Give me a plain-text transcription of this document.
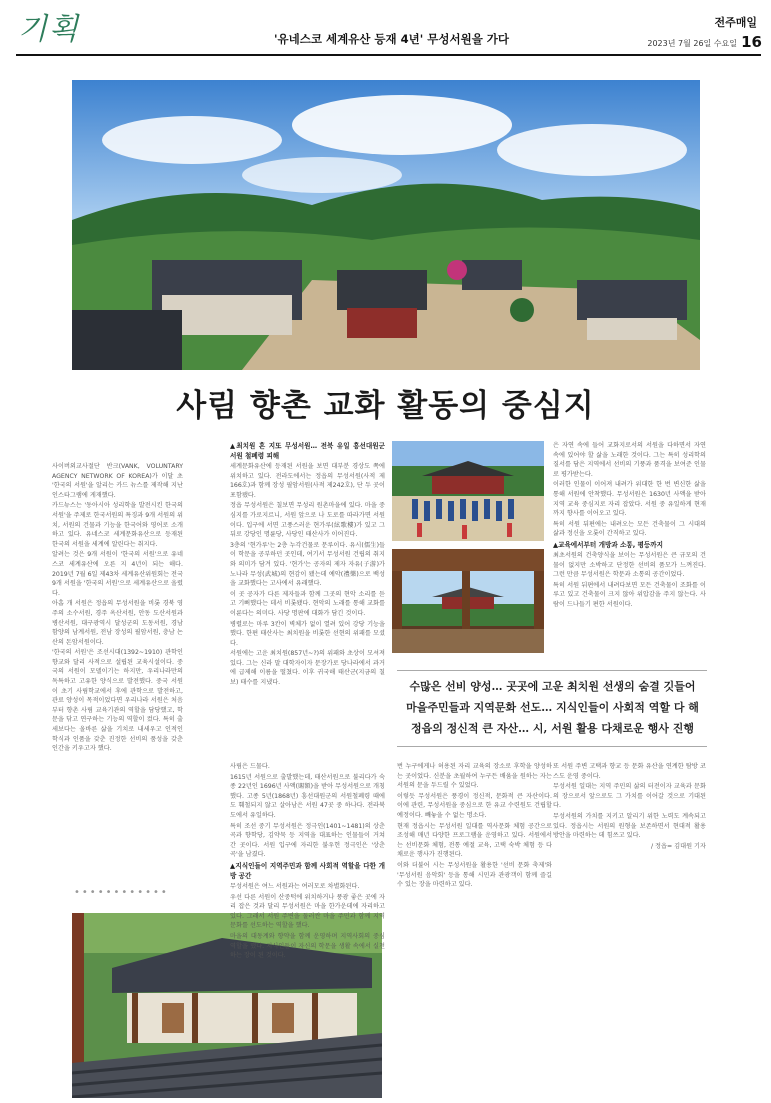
기획	'유네스코 세계유산 등재 4년' 무성서원을 가다
전주매일
2023년 7월 26일 수요일 16
사림 향촌 교화 활동의 중심지

사이버외교사절단 반크(VANK, VOLUNTARY AGENCY NETWORK OF KOREA)가 이달 초 '한국의 서원'을 알리는 카드 뉴스를 제작해 지난 인스타그램에 게재했다.

카드뉴스는 '동아시아 성리학을 발전시킨 한국의 서원'을 주제로 한국서원의 특징과 9개 서원의 위치, 서원의 건물과 기능을 한국어와 영어로 소개하고 있다. 유네스코 세계문화유산으로 등재된 한국의 서원을 세계에 알린다는 취지다.

알려는 것은 9개 서원이 '한국의 서원'으로 유네스코 세계유산에 오른 지 4년이 되는 해다. 2019년 7월 6일 제43차 세계유산위원회는 전국 9개 서원을 '한국의 서원'으로 세계유산으로 올렸다.

아홉 개 서원은 정읍의 무성서원을 비롯 경북 영주의 소수서원, 경주 옥산서원, 안동 도산서원과 병산서원, 대구광역시 달성군의 도동서원, 경남 함양의 남계서원, 전남 장성의 필암서원, 충남 논산의 돈암서원이다.

'한국의 서원'은 조선시대(1392~1910) 관학인 향교와 달리 사적으로 설립된 교육시설이다. 중국의 서원이 모델이기는 하지만, 우리나라만의 독특하고 고유한 양식으로 발전했다. 중국 서원이 초기 사림학교에서 후에 관학으로 발전하고, 관료 양성이 목적이었다면 우리나라 서원은 처음부터 향촌 사림 교육기관의 역할을 담당했고, 학문을 닦고 연구하는 기능의 역할이 컸다. 특히 출세보다는 올바른 삶을 기치로 내세우고 인적인 학식과 인품을 갖춘 진정한 선비의 품성을 갖춘 인간을 키우고자 했다.

••••••••••••

▲최치원 흔 지또 무성서원… 전북 유일 흥선대원군 서원 철폐령 피해

세계문화유산에 등재된 서원을 보면 대부분 경상도 쪽에 위치하고 있다. 전라도에서는 정읍의 무성서원(사적 제166호)과 함께 장성 필암서원(사적 제242호), 단 두 곳이 포함됐다.

정읍 무성서원은 칠보면 무성리 원촌마을에 있다. 마을 중심지를 가로지르니, 서원 앞으로 나 도로를 따라가면 서원이다. 입구에 서면 고풍스러운 현가루(絃歌樓)가 있고 그 뒤로 강당인 명륜당, 사당인 태산사가 이어진다.

3층의 '현가루'는 2층 누각건물로 문루이다. 유시(儒生)들이 학문을 공부하던 곳인데, 여기서 무성서원 건립의 취지와 의미가 담겨 있다. '현가'는 공자의 제자 자유(子游)가 노나라 무성(武城)의 현감이 됐는데 예악(禮樂)으로 백성을 교화했다는 고사에서 유래했다.

이 곳 공자가 다른 제자들과 함께 그곳의 현악 소리를 듣고 기뻐했다는 데서 비롯됐다. 현악의 노래를 통해 교화를 이룬다는 의미다. 사당 명판에 대화가 담긴 것이다.

병렬로는 마루 3칸이 벽체가 없이 열려 있어 강당 기능을 했다. 한편 태산사는 최치원을 비롯한 선현의 위패를 모셨다.

서원에는 고운 최치원(857년~?)의 위패와 초상이 모셔져 있다. 그는 신라 말 대학자이자 문장가로 당나라에서 과거에 급제해 이름을 떨쳤다. 이후 귀국해 태산군(지금의 칠보) 태수를 지냈다.

은 자연 속에 들어 교화지로서의 서원을 다하면서 자연 속에 있어야 할 삶을 노래한 것이다. 그는 특히 성리학의 질서를 담은 지역에서 선비의 기풍과 품격을 보여준 인물로 평가받는다.

이러한 인물이 이어져 내려가 위대한 한 번 변신한 삶을 통해 서원에 안착했다. 무성서원은 1630년 사액을 받아 지역 교육 중심지로 자리 잡았다. 서원 중 유일하게 현재까지 향사를 이어오고 있다.

특히 서원 뒤편에는 내려오는 모든 건축물이 그 시대의 삶과 정신을 오롯이 간직하고 있다.

▲교육에서부터 개방과 소통, 평등까지

최초서원의 건축양식을 보이는 무성서원은 큰 규모의 건물이 없지만 소박하고 단정한 선비의 품모가 느껴진다. 그런 만큼 무성서원은 학문과 소통의 공간이었다.

특히 서원 뒤편에서 내려다보면 모든 건축물이 조화를 이루고 있고 건축물이 크지 않아 위압감을 주지 않는다. 사람이 드나들기 편한 서원이다.

수많은 선비 양성… 곳곳에 고운 최치원 선생의 숨결 깃들어
마을주민들과 지역문화 선도… 지식인들이 사회적 역할 다 해
정읍의 정신적 큰 자산… 시, 서원 활용 다채로운 행사 진행

사림은 드물다.

1615년 서원으로 출발했는데, 태산서원으로 불리다가 숙종 22년인 1696년 사액(賜額)을 받아 무성서원으로 개칭했다. 고종 5년(1868년) 흥선대원군의 서원철폐령 때에도 훼철되지 않고 살아남은 서원 47곳 중 하나다. 전라북도에서 유일하다.

특히 조선 중기 무성서원은 정극인(1401~1481)의 상춘곡과 향학당, 김약묵 등 지역을 대표하는 인물들이 거쳐 간 곳이다. 서원 입구에 자리한 불우헌 정극인은 '상춘곡'을 남겼다.

▲지식인들이 지역주민과 함께 사회적 역할을 다한 개방 공간

무성서원은 여느 서원과는 여러모로 차별화된다.

우선 다른 서원이 산중턱에 위치하거나 풍광 좋은 곳에 자리 잡은 것과 달리 무성서원은 마을 한가운데에 자리하고 있다. 그래서 서원 주변을 둘러싼 마을 주민과 함께 지역문화를 선도하는 역할을 했다.

마을의 대동계와 향약을 함께 운영하며 지역사회의 중심 역할을 했다. 지식인들이 자신의 학문을 생활 속에서 실천하는 장이 된 것이다.

번 누구에게나 허용된 자리 교육의 장소로 후학을 양성하는 곳이었다. 신분을 초월하여 누구든 배움을 원하는 자는 서원의 문을 두드릴 수 있었다.

이렇듯 무성서원은 풍경이 정신적, 문화적 큰 자산이다. 이에 관련, 무성서원을 중심으로 한 유교 수련원도 건립할 예정이다. 빼놓을 수 없는 명소다.

현재 정읍시는 무성서원 일대를 역사문화 체험 공간으로 조성해 매년 다양한 프로그램을 운영하고 있다. 서원에서는 선비문화 체험, 전통 예절 교육, 고택 숙박 체험 등 다채로운 행사가 진행된다.

이와 더불어 시는 무성서원을 활용한 '선비 문화 축제'와 '무성서원 음악회' 등을 통해 시민과 관광객이 함께 즐길 수 있는 장을 마련하고 있다.

또 서원 주변 고택과 향교 등 문화 유산을 연계한 탐방 코스도 운영 중이다.

무성서원 일대는 지역 주민의 삶의 터전이자 교육과 문화의 장으로서 앞으로도 그 가치를 이어갈 것으로 기대된다.

무성서원의 가치를 지키고 알리기 위한 노력도 계속되고 있다. 정읍시는 서원의 원형을 보존하면서 현대적 활용 방안을 마련하는 데 힘쓰고 있다.

/ 정읍= 김대원 기자
